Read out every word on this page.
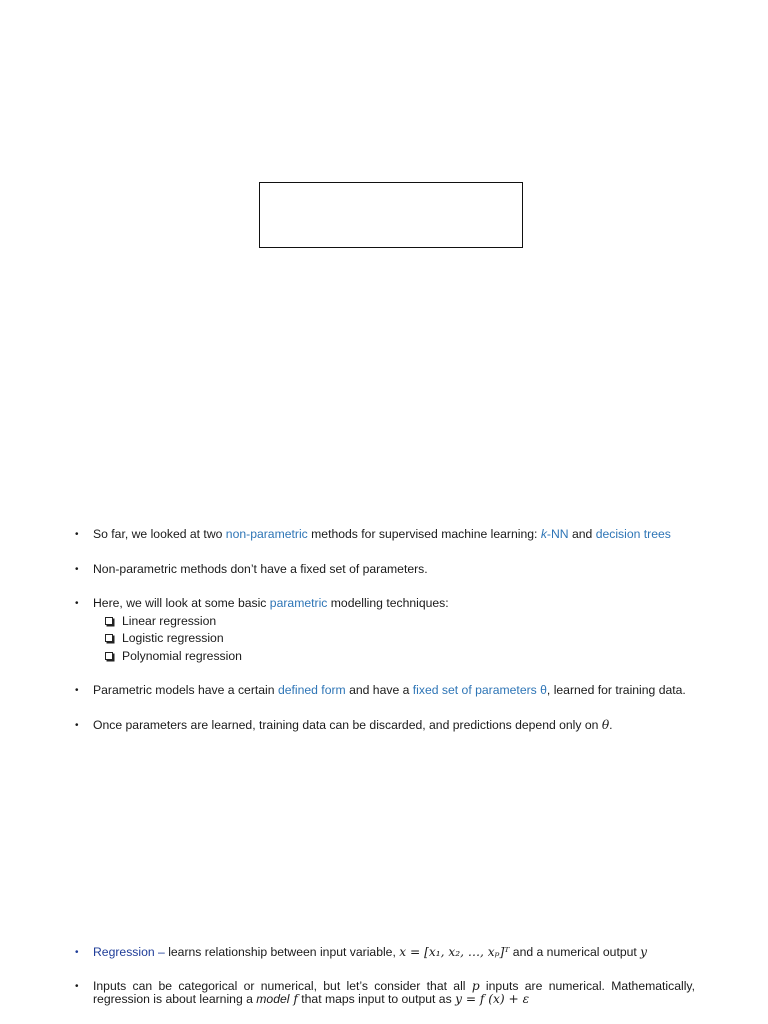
• So far, we looked at two non-parametric methods for supervised machine learning: k-NN and decision trees
• Non-parametric methods don’t have a fixed set of parameters.
• Here, we will look at some basic parametric modelling techniques:
Linear regression
Logistic regression
Polynomial regression
• Parametric models have a certain defined form and have a fixed set of parameters θ, learned for training data.
• Once parameters are learned, training data can be discarded, and predictions depend only on θ.
• Regression – learns relationship between input variable, x = [x₁, x₂, …, xₚ]ᵀ and a numerical output y
• Inputs can be categorical or numerical, but let’s consider that all p inputs are numerical. Mathematically, regression is about learning a model f that maps input to output as y = f (x) + ε
